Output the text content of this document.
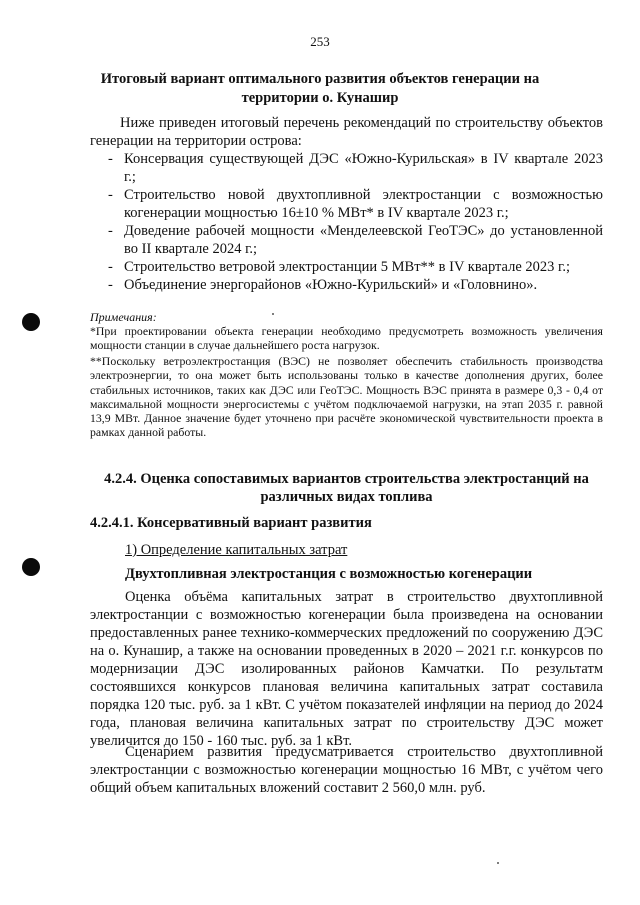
253
Итоговый вариант оптимального развития объектов генерации на территории о. Кунашир
Ниже приведен итоговый перечень рекомендаций по строительству объектов генерации на территории острова:
- Консервация существующей ДЭС «Южно-Курильская» в IV квартале 2023 г.;
- Строительство новой двухтопливной электростанции с возможностью когенерации мощностью 16±10 % МВт* в IV квартале 2023 г.;
- Доведение рабочей мощности «Менделеевской ГеоТЭС» до установленной во II квартале 2024 г.;
- Строительство ветровой электростанции 5 МВт** в IV квартале 2023 г.;
- Объединение энергорайонов «Южно-Курильский» и «Головнино».
Примечания:
*При проектировании объекта генерации необходимо предусмотреть возможность увеличения мощности станции в случае дальнейшего роста нагрузок.
**Поскольку ветроэлектростанция (ВЭС) не позволяет обеспечить стабильность производства электроэнергии, то она может быть использованы только в качестве дополнения других, более стабильных источников, таких как ДЭС или ГеоТЭС. Мощность ВЭС принята в размере 0,3 - 0,4 от максимальной мощности энергосистемы с учётом подключаемой нагрузки, на этап 2035 г. равной 13,9 МВт. Данное значение будет уточнено при расчёте экономической чувствительности проекта в рамках данной работы.
4.2.4. Оценка сопоставимых вариантов строительства электростанций на различных видах топлива
4.2.4.1. Консервативный вариант развития
1) Определение капитальных затрат
Двухтопливная электростанция с возможностью когенерации
Оценка объёма капитальных затрат в строительство двухтопливной электростанции с возможностью когенерации была произведена на основании предоставленных ранее технико-коммерческих предложений по сооружению ДЭС на о. Кунашир, а также на основании проведенных в 2020 – 2021 г.г. конкурсов по модернизации ДЭС изолированных районов Камчатки. По результатм состоявшихся конкурсов плановая величина капитальных затрат составила порядка 120 тыс. руб. за 1 кВт. С учётом показателей инфляции на период до 2024 года, плановая величина капитальных затрат по строительству ДЭС может увеличится до 150 - 160 тыс. руб. за 1 кВт.
Сценарием развития предусматривается строительство двухтопливной электростанции с возможностью когенерации мощностью 16 МВт, с учётом чего общий объем капитальных вложений составит 2 560,0 млн. руб.
